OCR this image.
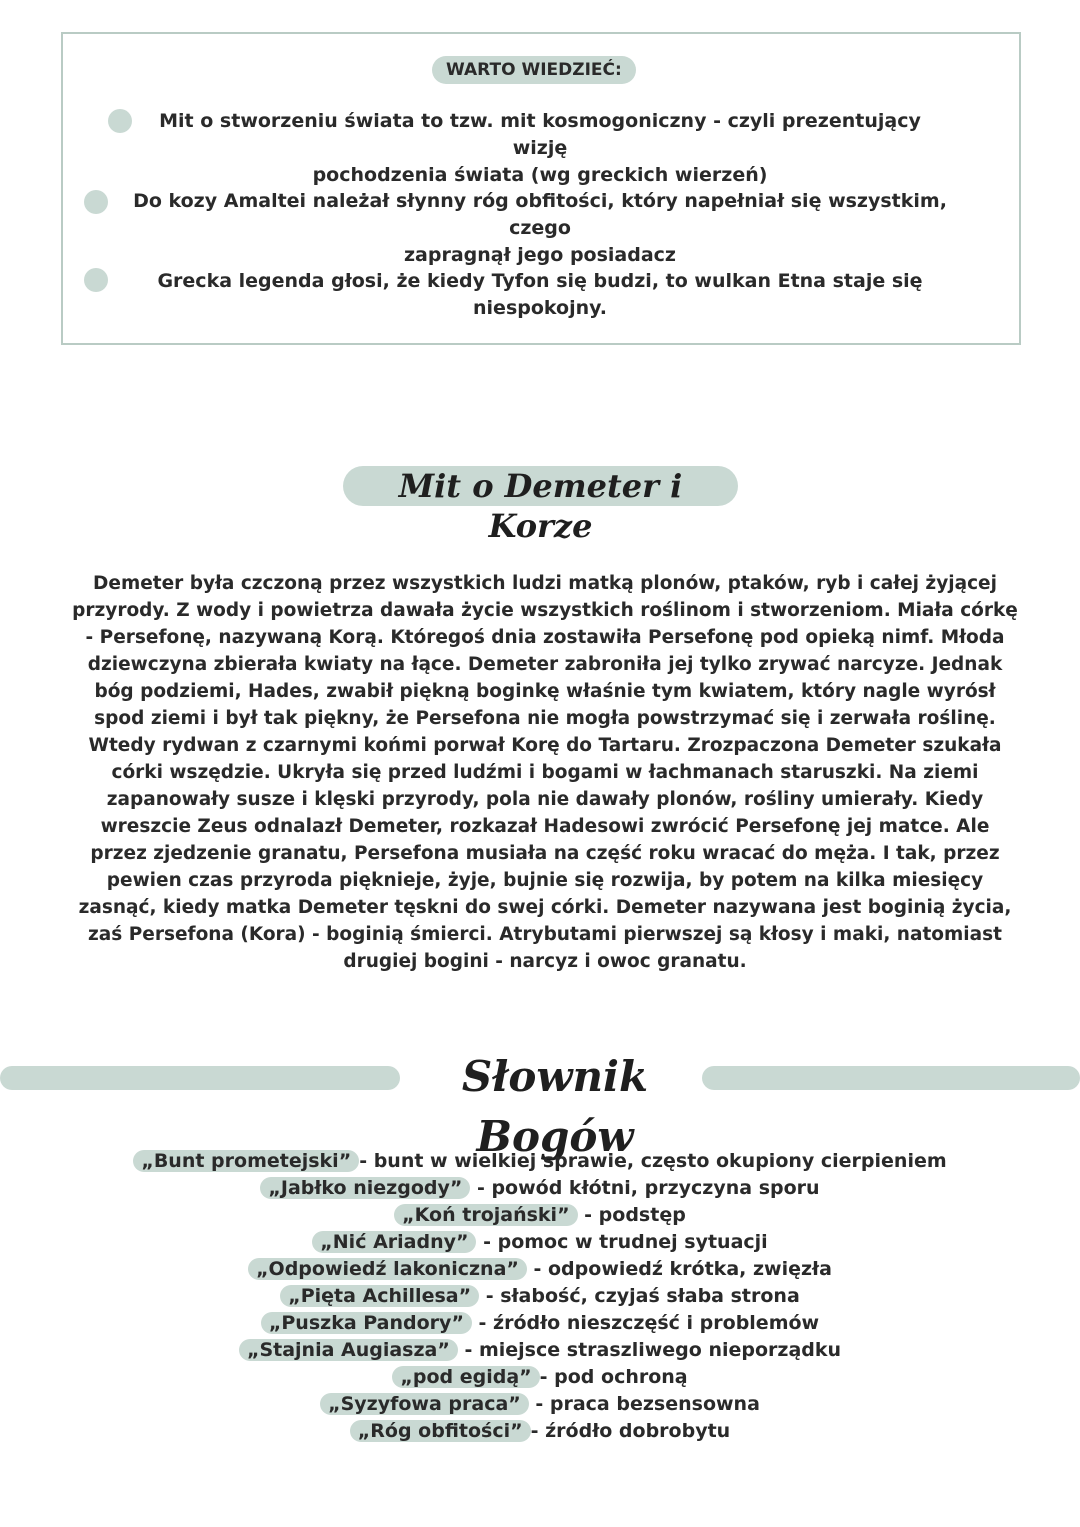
WARTO WIEDZIEĆ:
Mit o stworzeniu świata to tzw. mit kosmogoniczny - czyli prezentujący wizję
pochodzenia świata (wg greckich wierzeń)
Do kozy Amaltei należał słynny róg obfitości, który napełniał się wszystkim, czego
zapragnął jego posiadacz
Grecka legenda głosi, że kiedy Tyfon się budzi, to wulkan Etna staje się niespokojny.
Mit o Demeter i Korze
Demeter była czczoną przez wszystkich ludzi matką plonów, ptaków, ryb i całej żyjącej przyrody. Z wody i powietrza dawała życie wszystkich roślinom i stworzeniom. Miała córkę - Persefonę, nazywaną Korą. Któregoś dnia zostawiła Persefonę pod opieką nimf. Młoda dziewczyna zbierała kwiaty na łące. Demeter zabroniła jej tylko zrywać narcyze. Jednak bóg podziemi, Hades, zwabił piękną boginkę właśnie tym kwiatem, który nagle wyrósł spod ziemi i był tak piękny, że Persefona nie mogła powstrzymać się i zerwała roślinę. Wtedy rydwan z czarnymi końmi porwał Korę do Tartaru. Zrozpaczona Demeter szukała córki wszędzie. Ukryła się przed ludźmi i bogami w łachmanach staruszki. Na ziemi zapanowały susze i klęski przyrody, pola nie dawały plonów, rośliny umierały. Kiedy wreszcie Zeus odnalazł Demeter, rozkazał Hadesowi zwrócić Persefonę jej matce. Ale przez zjedzenie granatu, Persefona musiała na część roku wracać do męża. I tak, przez pewien czas przyroda pięknieje, żyje, bujnie się rozwija, by potem na kilka miesięcy zasnąć, kiedy matka Demeter tęskni do swej córki. Demeter nazywana jest boginią życia, zaś Persefona (Kora) - boginią śmierci. Atrybutami pierwszej są kłosy i maki, natomiast drugiej bogini - narcyz i owoc granatu.
Słownik Bogów
„Bunt prometejski” - bunt w wielkiej sprawie, często okupiony cierpieniem
„Jabłko niezgody” - powód kłótni, przyczyna sporu
„Koń trojański” - podstęp
„Nić Ariadny” - pomoc w trudnej sytuacji
„Odpowiedź lakoniczna” - odpowiedź krótka, zwięzła
„Pięta Achillesa” - słabość, czyjaś słaba strona
„Puszka Pandory” - źródło nieszczęść i problemów
„Stajnia Augiasza” - miejsce straszliwego nieporządku
„pod egidą” - pod ochroną
„Syzyfowa praca” - praca bezsensowna
„Róg obfitości” - źródło dobrobytu
